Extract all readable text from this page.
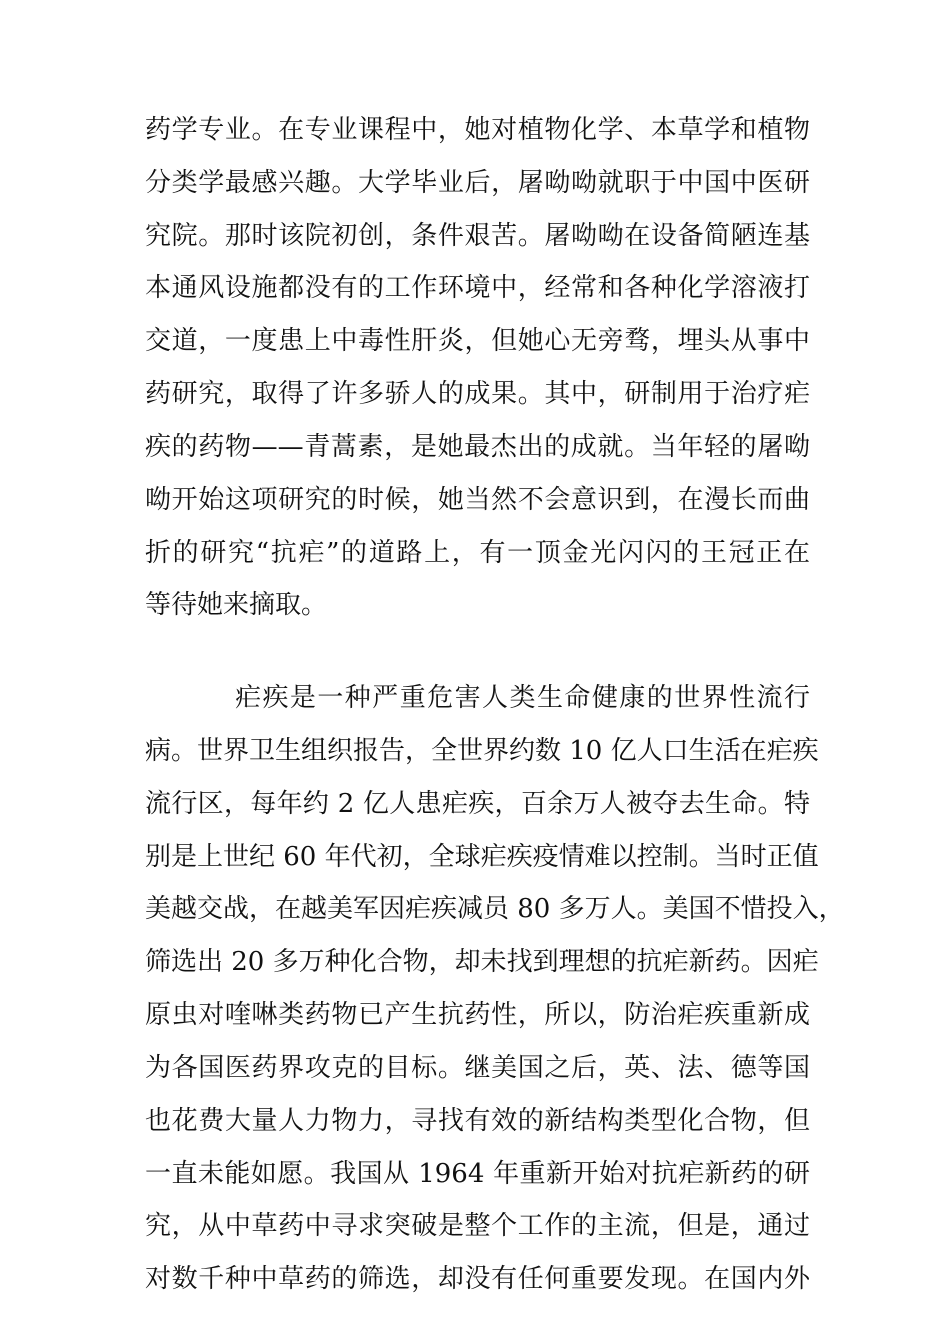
药学专业。在专业课程中，她对植物化学、本草学和植物
分类学最感兴趣。大学毕业后，屠呦呦就职于中国中医研
究院。那时该院初创，条件艰苦。屠呦呦在设备简陋连基
本通风设施都没有的工作环境中，经常和各种化学溶液打
交道，一度患上中毒性肝炎，但她心无旁骛，埋头从事中
药研究，取得了许多骄人的成果。其中，研制用于治疗疟
疾的药物——青蒿素，是她最杰出的成就。当年轻的屠呦
呦开始这项研究的时候，她当然不会意识到，在漫长而曲
折的研究“抗疟”的道路上，有一顶金光闪闪的王冠正在
等待她来摘取。
疟疾是一种严重危害人类生命健康的世界性流行
病。世界卫生组织报告，全世界约数 10 亿人口生活在疟疾
流行区，每年约 2 亿人患疟疾，百余万人被夺去生命。特
别是上世纪 60 年代初，全球疟疾疫情难以控制。当时正值
美越交战，在越美军因疟疾减员 80 多万人。美国不惜投入，
筛选出 20 多万种化合物，却未找到理想的抗疟新药。因疟
原虫对喹啉类药物已产生抗药性，所以，防治疟疾重新成
为各国医药界攻克的目标。继美国之后，英、法、德等国
也花费大量人力物力，寻找有效的新结构类型化合物，但
一直未能如愿。我国从 1964 年重新开始对抗疟新药的研
究，从中草药中寻求突破是整个工作的主流，但是，通过
对数千种中草药的筛选，却没有任何重要发现。在国内外
